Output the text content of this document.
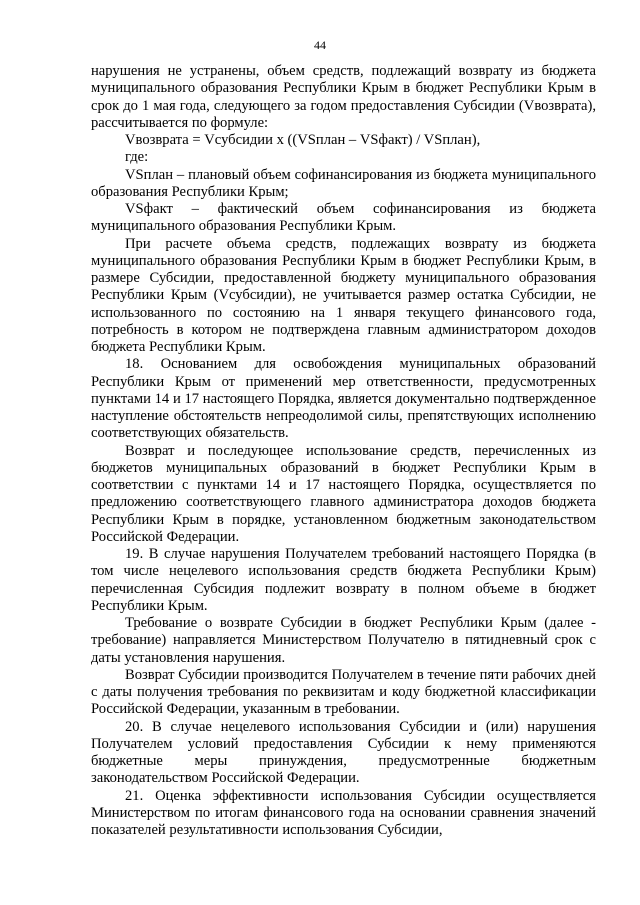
44

нарушения не устранены, объем средств, подлежащий возврату из бюджета муниципального образования Республики Крым в бюджет Республики Крым в срок до 1 мая года, следующего за годом предоставления Субсидии (Vвозврата), рассчитывается по формуле:

Vвозврата = Vсубсидии x ((VSплан – VSфакт) / VSплан),

где:

VSплан – плановый объем софинансирования из бюджета муниципального образования Республики Крым;

VSфакт – фактический объем софинансирования из бюджета муниципального образования Республики Крым.

При расчете объема средств, подлежащих возврату из бюджета муниципального образования Республики Крым в бюджет Республики Крым, в размере Субсидии, предоставленной бюджету муниципального образования Республики Крым (Vсубсидии), не учитывается размер остатка Субсидии, не использованного по состоянию на 1 января текущего финансового года, потребность в котором не подтверждена главным администратором доходов бюджета Республики Крым.

18. Основанием для освобождения муниципальных образований Республики Крым от применений мер ответственности, предусмотренных пунктами 14 и 17 настоящего Порядка, является документально подтвержденное наступление обстоятельств непреодолимой силы, препятствующих исполнению соответствующих обязательств.

Возврат и последующее использование средств, перечисленных из бюджетов муниципальных образований в бюджет Республики Крым в соответствии с пунктами 14 и 17 настоящего Порядка, осуществляется по предложению соответствующего главного администратора доходов бюджета Республики Крым в порядке, установленном бюджетным законодательством Российской Федерации.

19. В случае нарушения Получателем требований настоящего Порядка (в том числе нецелевого использования средств бюджета Республики Крым) перечисленная Субсидия подлежит возврату в полном объеме в бюджет Республики Крым.

Требование о возврате Субсидии в бюджет Республики Крым (далее - требование) направляется Министерством Получателю в пятидневный срок с даты установления нарушения.

Возврат Субсидии производится Получателем в течение пяти рабочих дней с даты получения требования по реквизитам и коду бюджетной классификации Российской Федерации, указанным в требовании.

20. В случае нецелевого использования Субсидии и (или) нарушения Получателем условий предоставления Субсидии к нему применяются бюджетные меры принуждения, предусмотренные бюджетным законодательством Российской Федерации.

21. Оценка эффективности использования Субсидии осуществляется Министерством по итогам финансового года на основании сравнения значений показателей результативности использования Субсидии,
